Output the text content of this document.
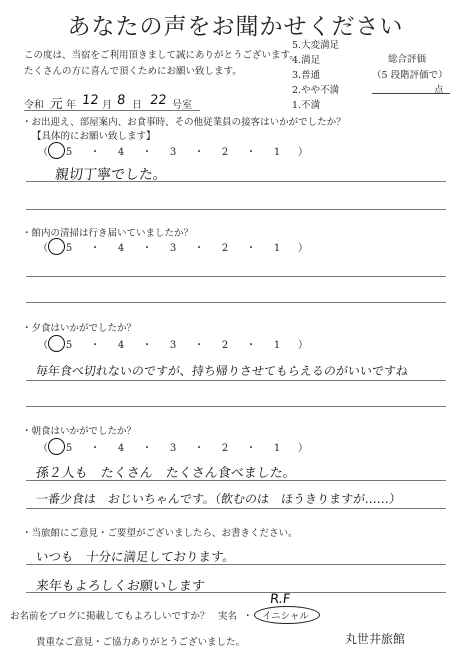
あなたの声をお聞かせください
この度は、当宿をご利用頂きまして誠にありがとうございます。
たくさんの方に喜んで頂くためにお願い致します。
5.大変満足
4.満足
3.普通
2.やや不満
1.不満
総合評価
（5 段階評価で）
点
令和 元 年 12 月 8 日 22 号室
・お出迎え、部屋案内、お食事時、その他従業員の接客はいかがでしたか？
【具体的にお願い致します】
（ 5 ・ 4 ・ 3 ・ 2 ・ 1 ）
親切丁寧でした。
・館内の清掃は行き届いていましたか？
（ 5 ・ 4 ・ 3 ・ 2 ・ 1 ）
・夕食はいかがでしたか？
（ 5 ・ 4 ・ 3 ・ 2 ・ 1 ）
毎年食べ切れないのですが、持ち帰りさせてもらえるのがいいですね
・朝食はいかがでしたか？
（ 5 ・ 4 ・ 3 ・ 2 ・ 1 ）
孫２人も　たくさん　たくさん食べました。
一番少食は　おじいちゃんです。（飲むのは　ほうきりますが……）
・当旅館にご意見・ご要望がございましたら、お書きください。
いつも　十分に満足しております。
来年もよろしくお願いします
お名前をブログに掲載してもよろしいですか？ 実名 ・ イニシャル
R.F
貴重なご意見・ご協力ありがとうございました。	丸世井旅館
